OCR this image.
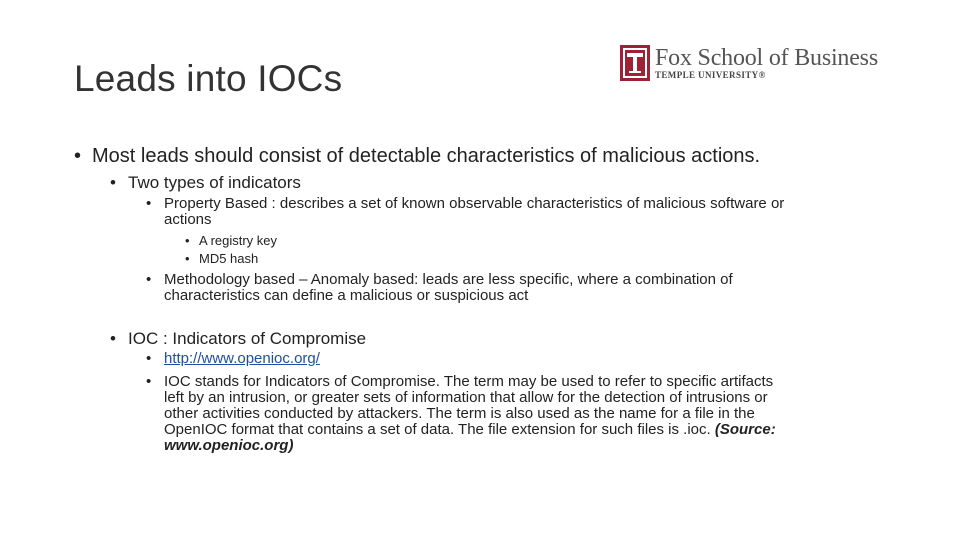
Leads into IOCs	Fox School of Business
TEMPLE UNIVERSITY®
• Most leads should consist of detectable characteristics of malicious actions.
• Two types of indicators
• Property Based : describes a set of known observable characteristics of malicious software or
actions
• A registry key
• MD5 hash
• Methodology based – Anomaly based: leads are less specific, where a combination of
characteristics can define a malicious or suspicious act
• IOC : Indicators of Compromise
• http://www.openioc.org/
• IOC stands for Indicators of Compromise. The term may be used to refer to specific artifacts
left by an intrusion, or greater sets of information that allow for the detection of intrusions or
other activities conducted by attackers. The term is also used as the name for a file in the
OpenIOC format that contains a set of data. The file extension for such files is .ioc. (Source:
www.openioc.org)
